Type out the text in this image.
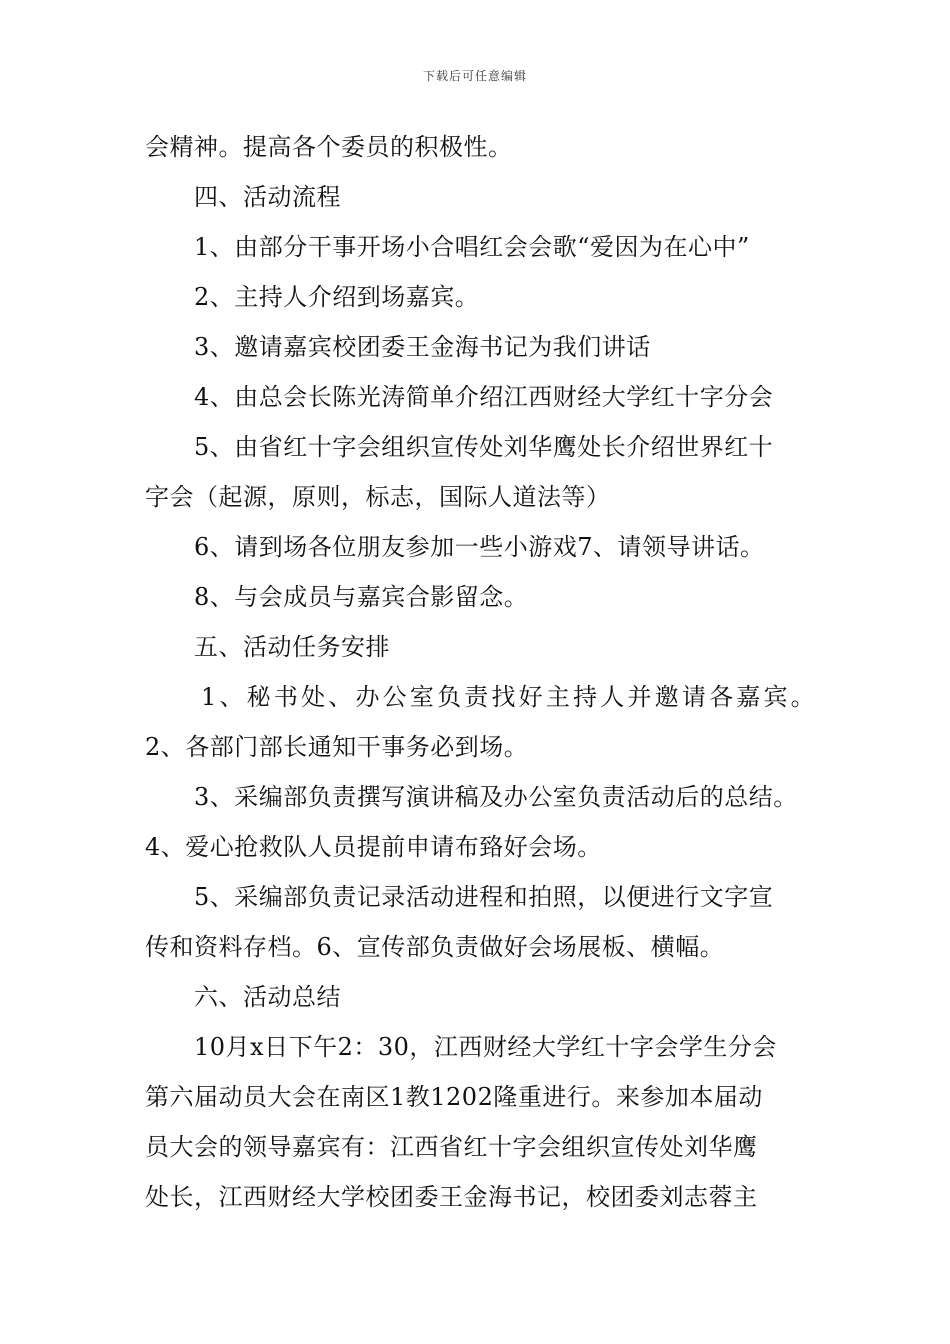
下载后可任意编辑
会精神。提高各个委员的积极性。
四、活动流程
1、由部分干事开场小合唱红会会歌“爱因为在心中”
2、主持人介绍到场嘉宾。
3、邀请嘉宾校团委王金海书记为我们讲话
4、由总会长陈光涛简单介绍江西财经大学红十字分会
5、由省红十字会组织宣传处刘华鹰处长介绍世界红十
字会（起源，原则，标志，国际人道法等）
6、请到场各位朋友参加一些小游戏7、请领导讲话。
8、与会成员与嘉宾合影留念。
五、活动任务安排
1、秘书处、办公室负责找好主持人并邀请各嘉宾。
2、各部门部长通知干事务必到场。
3、采编部负责撰写演讲稿及办公室负责活动后的总结。
4、爱心抢救队人员提前申请布臵好会场。
5、采编部负责记录活动进程和拍照，以便进行文字宣
传和资料存档。6、宣传部负责做好会场展板、横幅。
六、活动总结
10月x日下午2：30，江西财经大学红十字会学生分会
第六届动员大会在南区1教1202隆重进行。来参加本届动
员大会的领导嘉宾有：江西省红十字会组织宣传处刘华鹰
处长，江西财经大学校团委王金海书记，校团委刘志蓉主
